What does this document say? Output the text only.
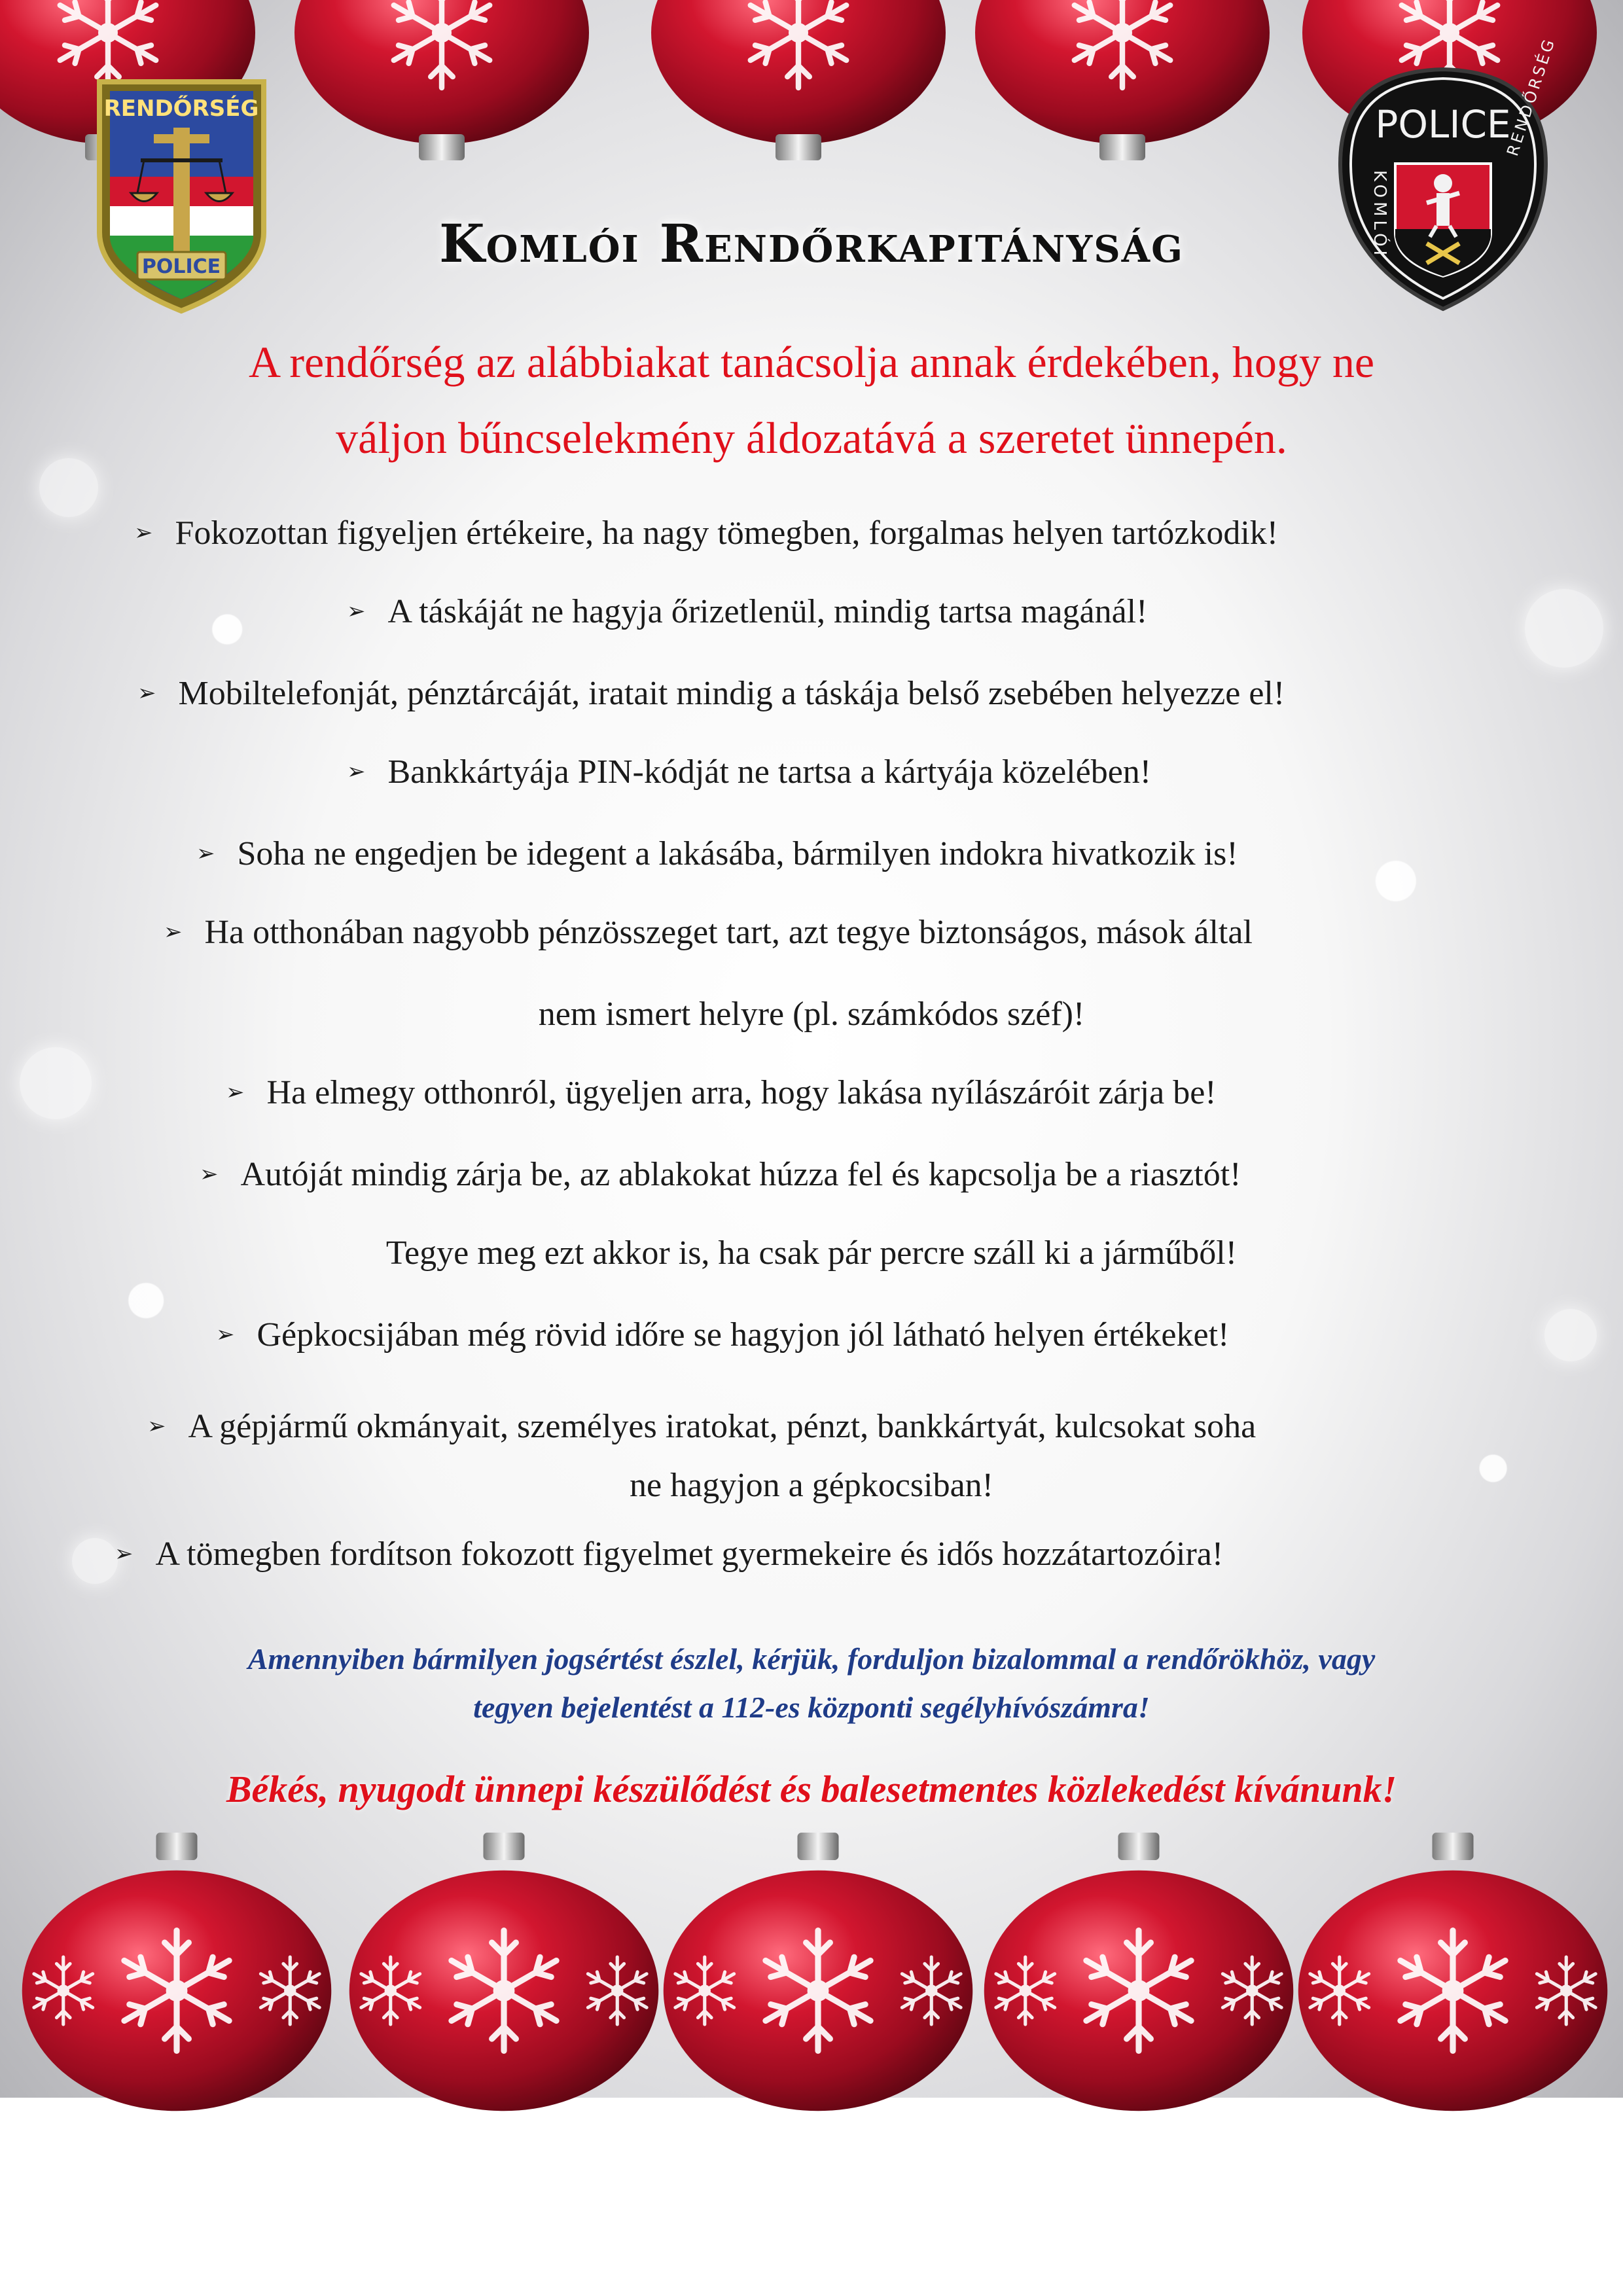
RENDŐRSÉG
POLICE
POLICE
KOMLÓI
RENDŐRSÉG
Komlói Rendőrkapitányság
A rendőrség az alábbiakat tanácsolja annak érdekében, hogy ne
váljon bűncselekmény áldozatává a szeretet ünnepén.
➢ Fokozottan figyeljen értékeire, ha nagy tömegben, forgalmas helyen tartózkodik!
➢ A táskáját ne hagyja őrizetlenül, mindig tartsa magánál!
➢ Mobiltelefonját, pénztárcáját, iratait mindig a táskája belső zsebében helyezze el!
➢ Bankkártyája PIN-kódját ne tartsa a kártyája közelében!
➢ Soha ne engedjen be idegent a lakásába, bármilyen indokra hivatkozik is!
➢ Ha otthonában nagyobb pénzösszeget tart, azt tegye biztonságos, mások által
nem ismert helyre (pl. számkódos széf)!
➢ Ha elmegy otthonról, ügyeljen arra, hogy lakása nyílászáróit zárja be!
➢ Autóját mindig zárja be, az ablakokat húzza fel és kapcsolja be a riasztót!
Tegye meg ezt akkor is, ha csak pár percre száll ki a járműből!
➢ Gépkocsijában még rövid időre se hagyjon jól látható helyen értékeket!
➢ A gépjármű okmányait, személyes iratokat, pénzt, bankkártyát, kulcsokat soha
ne hagyjon a gépkocsiban!
➢ A tömegben fordítson fokozott figyelmet gyermekeire és idős hozzátartozóira!
Amennyiben bármilyen jogsértést észlel, kérjük, forduljon bizalommal a rendőrökhöz, vagy
tegyen bejelentést a 112-es központi segélyhívószámra!
Békés, nyugodt ünnepi készülődést és balesetmentes közlekedést kívánunk!
